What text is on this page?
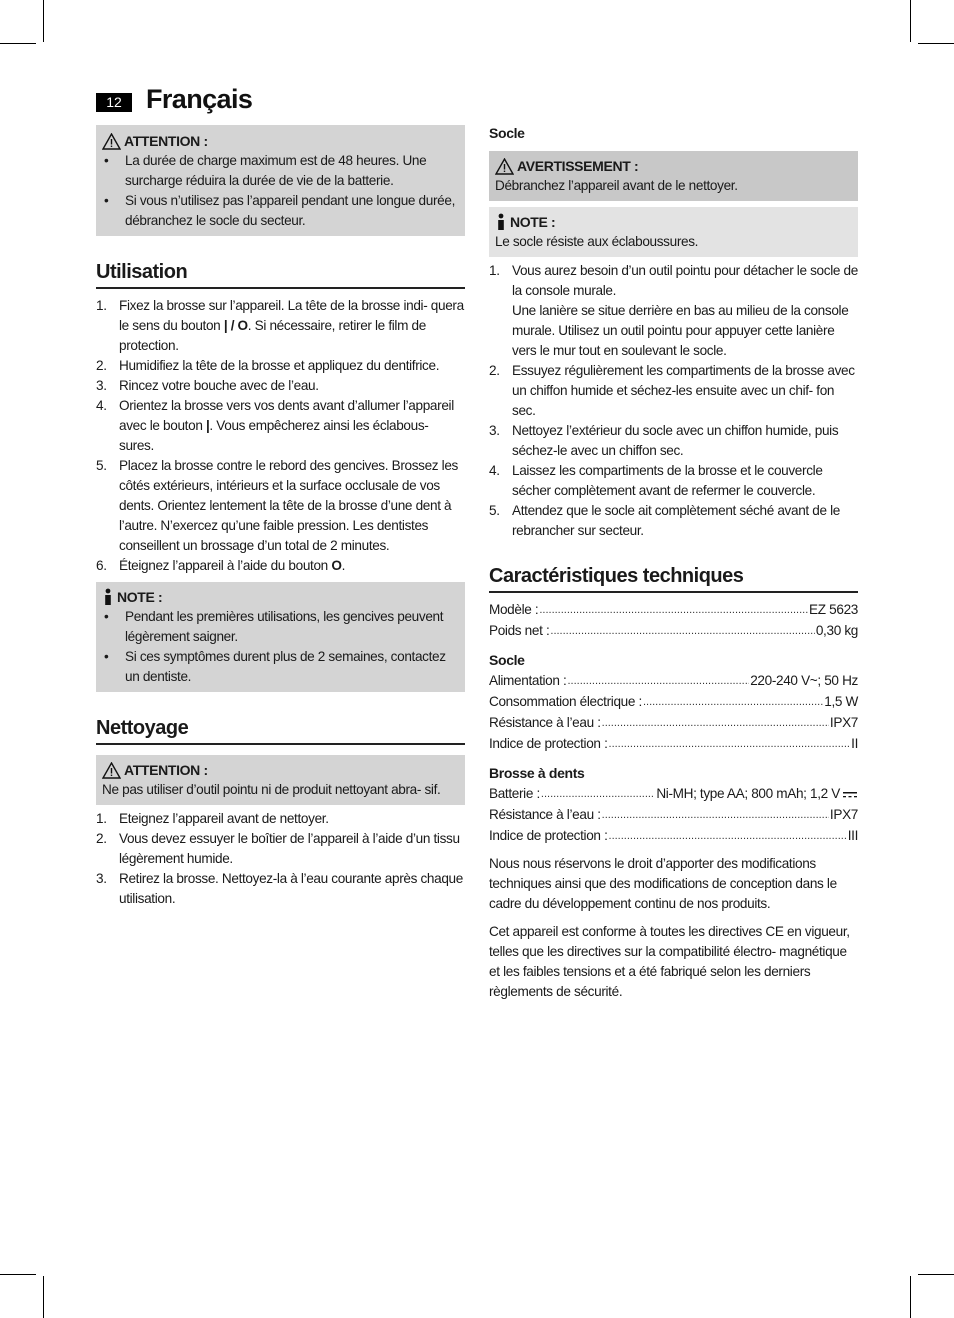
12 Français
ATTENTION :
• La durée de charge maximum est de 48 heures. Une surcharge réduira la durée de vie de la batterie.
• Si vous n’utilisez pas l’appareil pendant une longue durée, débranchez le socle du secteur.
Utilisation
1. Fixez la brosse sur l’appareil. La tête de la brosse indi- quera le sens du bouton | / O. Si nécessaire, retirer le film de protection.
2. Humidifiez la tête de la brosse et appliquez du dentifrice.
3. Rincez votre bouche avec de l’eau.
4. Orientez la brosse vers vos dents avant d’allumer l’appareil avec le bouton |. Vous empêcherez ainsi les éclabous- sures.
5. Placez la brosse contre le rebord des gencives. Brossez les côtés extérieurs, intérieurs et la surface occlusale de vos dents. Orientez lentement la tête de la brosse d’une dent à l’autre. N’exercez qu’une faible pression. Les dentistes conseillent un brossage d’un total de 2 minutes.
6. Éteignez l’appareil à l’aide du bouton O.
NOTE :
• Pendant les premières utilisations, les gencives peuvent légèrement saigner.
• Si ces symptômes durent plus de 2 semaines, contactez un dentiste.
Nettoyage
ATTENTION :

Ne pas utiliser d’outil pointu ni de produit nettoyant abra- sif.

1. Eteignez l’appareil avant de nettoyer.
2. Vous devez essuyer le boîtier de l’appareil à l’aide d’un tissu légèrement humide.
3. Retirez la brosse. Nettoyez-la à l’eau courante après chaque utilisation.
Socle
AVERTISSEMENT :

Débranchez l’appareil avant de le nettoyer.

NOTE :

Le socle résiste aux éclaboussures.

1. Vous aurez besoin d’un outil pointu pour détacher le socle de la console murale.
Une lanière se situe derrière en bas au milieu de la console murale. Utilisez un outil pointu pour appuyer cette lanière vers le mur tout en soulevant le socle.
2. Essuyez régulièrement les compartiments de la brosse avec un chiffon humide et séchez-les ensuite avec un chif- fon sec.
3. Nettoyez l’extérieur du socle avec un chiffon humide, puis séchez-le avec un chiffon sec.
4. Laissez les compartiments de la brosse et le couvercle sécher complètement avant de refermer le couvercle.
5. Attendez que le socle ait complètement séché avant de le rebrancher sur secteur.
Caractéristiques techniques
Modèle : .....	EZ 5623
Poids net : .....	0,30 kg
Socle
Alimentation : .....	220-240 V~; 50 Hz
Consommation électrique : .....	1,5 W
Résistance à l’eau : .....	IPX7
Indice de protection : .....	II
Brosse à dents
Batterie : .....	Ni-MH; type AA; 800 mAh; 1,2 V
Résistance à l’eau : .....	IPX7
Indice de protection : .....	III

Nous nous réservons le droit d’apporter des modifications techniques ainsi que des modifications de conception dans le cadre du développement continu de nos produits.

Cet appareil est conforme à toutes les directives CE en vigueur, telles que les directives sur la compatibilité électro- magnétique et les faibles tensions et a été fabriqué selon les derniers règlements de sécurité.
